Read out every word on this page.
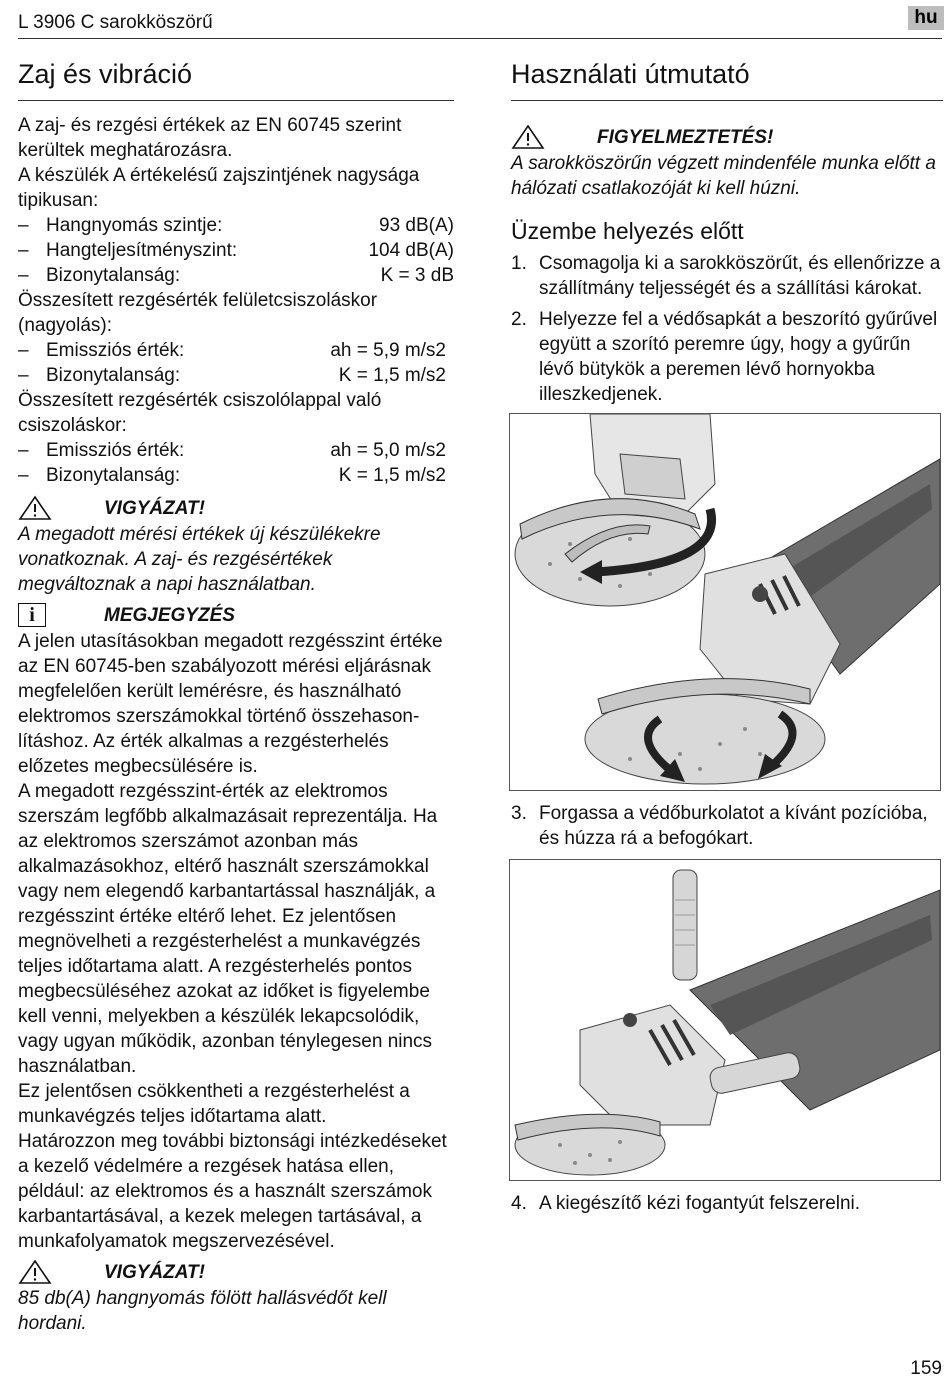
L 3906 C sarokköszörű	hu
Zaj és vibráció

A zaj- és rezgési értékek az EN 60745 szerint kerültek meghatározásra.

A készülék A értékelésű zajszintjének nagysága tipikusan:

– Hangnyomás szintje:	93 dB(A)
– Hangteljesítményszint:	104 dB(A)
– Bizonytalanság:	K = 3 dB

Összesített rezgésérték felületcsiszoláskor (nagyolás):

– Emissziós érték:	ah = 5,9 m/s2
– Bizonytalanság:	K = 1,5 m/s2

Összesített rezgésérték csiszolólappal való csiszoláskor:

– Emissziós érték:	ah = 5,0 m/s2
– Bizonytalanság:	K = 1,5 m/s2
VIGYÁZAT!

A megadott mérési értékek új készülékekre vonatkoznak. A zaj- és rezgésértékek megváltoznak a napi használatban.

i	MEGJEGYZÉS

A jelen utasításokban megadott rezgésszint értéke az EN 60745-ben szabályozott mérési eljárásnak megfelelően került lemérésre, és használható elektromos szerszámokkal történő összehasonlításhoz. Az érték alkalmas a rezgésterhelés előzetes megbecsülésére is.

A megadott rezgésszint-érték az elektromos szerszám legfőbb alkalmazásait reprezentálja. Ha az elektromos szerszámot azonban más alkalmazásokhoz, eltérő használt szerszámokkal vagy nem elegendő karbantartással használják, a rezgésszint értéke eltérő lehet. Ez jelentősen megnövelheti a rezgésterhelést a munkavégzés teljes időtartama alatt. A rezgésterhelés pontos megbecsüléséhez azokat az időket is figyelembe kell venni, melyekben a készülék lekapcsolódik, vagy ugyan működik, azonban ténylegesen nincs használatban.

Ez jelentősen csökkentheti a rezgésterhelést a munkavégzés teljes időtartama alatt.

Határozzon meg további biztonsági intézkedéseket a kezelő védelmére a rezgések hatása ellen, például: az elektromos és a használt szerszámok karbantartásával, a kezek melegen tartásával, a munkafolyamatok megszervezésével.

VIGYÁZAT!

85 db(A) hangnyomás fölött hallásvédőt kell hordani.

Használati útmutató
FIGYELMEZTETÉS!

A sarokköszörűn végzett mindenféle munka előtt a hálózati csatlakozóját ki kell húzni.

Üzembe helyezés előtt
1. Csomagolja ki a sarokköszörűt, és ellenőrizze a szállítmány teljességét és a szállítási károkat.
2. Helyezze fel a védősapkát a beszorító gyűrűvel együtt a szorító peremre úgy, hogy a gyűrűn lévő bütykök a peremen lévő hornyokba illeszkedjenek.
3. Forgassa a védőburkolatot a kívánt pozícióba, és húzza rá a befogókart.
4. A kiegészítő kézi fogantyút felszerelni.
159
